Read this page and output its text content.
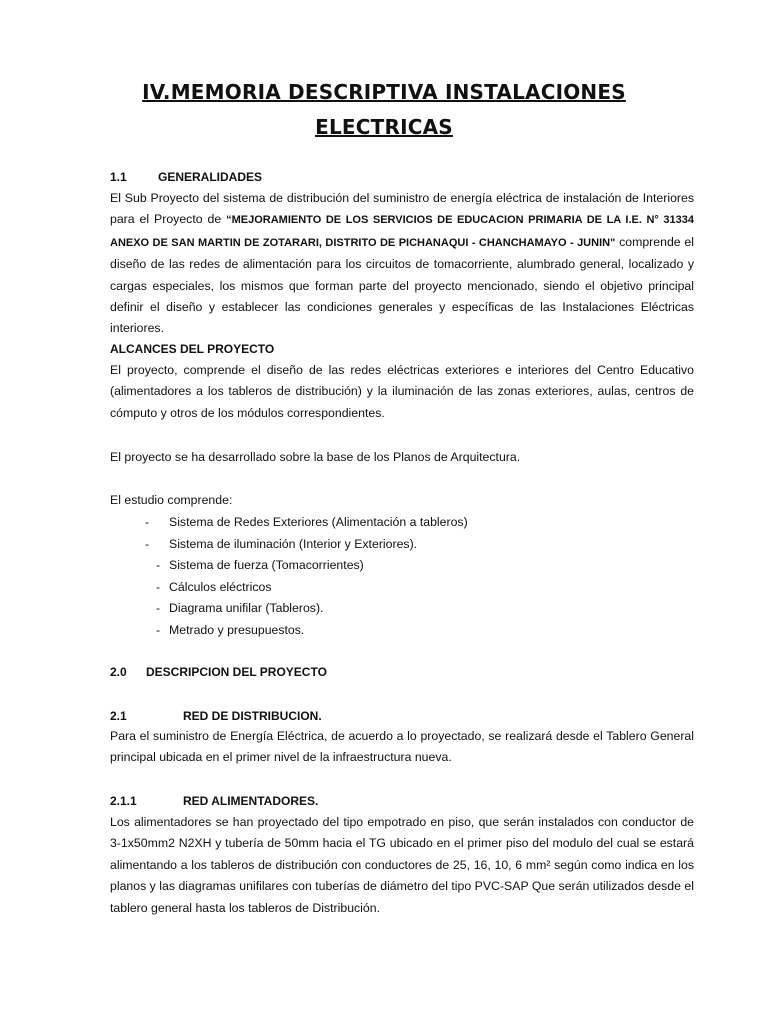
IV.MEMORIA DESCRIPTIVA INSTALACIONES
ELECTRICAS
1.1	GENERALIDADES
El Sub Proyecto del sistema de distribución del suministro de energía eléctrica de instalación de Interiores para el Proyecto de “MEJORAMIENTO DE LOS SERVICIOS DE EDUCACION PRIMARIA DE LA I.E. N° 31334 ANEXO DE SAN MARTIN DE ZOTARARI, DISTRITO DE PICHANAQUI - CHANCHAMAYO - JUNIN" comprende el diseño de las redes de alimentación para los circuitos de tomacorriente, alumbrado general, localizado y cargas especiales, los mismos que forman parte del proyecto mencionado, siendo el objetivo principal definir el diseño y establecer las condiciones generales y específicas de las Instalaciones Eléctricas interiores.
ALCANCES DEL PROYECTO
El proyecto, comprende el diseño de las redes eléctricas exteriores e interiores del Centro Educativo (alimentadores a los tableros de distribución) y la iluminación de las zonas exteriores, aulas, centros de cómputo y otros de los módulos correspondientes.
El proyecto se ha desarrollado sobre la base de los Planos de Arquitectura.
El estudio comprende:
- Sistema de Redes Exteriores (Alimentación a tableros)
- Sistema de iluminación (Interior y Exteriores).
- Sistema de fuerza (Tomacorrientes)
- Cálculos eléctricos
- Diagrama unifilar (Tableros).
- Metrado y presupuestos.
2.0 DESCRIPCION DEL PROYECTO
2.1	RED DE DISTRIBUCION.
Para el suministro de Energía Eléctrica, de acuerdo a lo proyectado, se realizará desde el Tablero General principal ubicada en el primer nivel de la infraestructura nueva.
2.1.1	RED ALIMENTADORES.
Los alimentadores se han proyectado del tipo empotrado en piso, que serán instalados con conductor de 3-1x50mm2 N2XH y tubería de 50mm hacia el TG ubicado en el primer piso del modulo del cual se estará alimentando a los tableros de distribución con conductores de 25, 16, 10, 6 mm² según como indica en los planos y las diagramas unifilares con tuberías de diámetro del tipo PVC-SAP Que serán utilizados desde el tablero general hasta los tableros de Distribución.
